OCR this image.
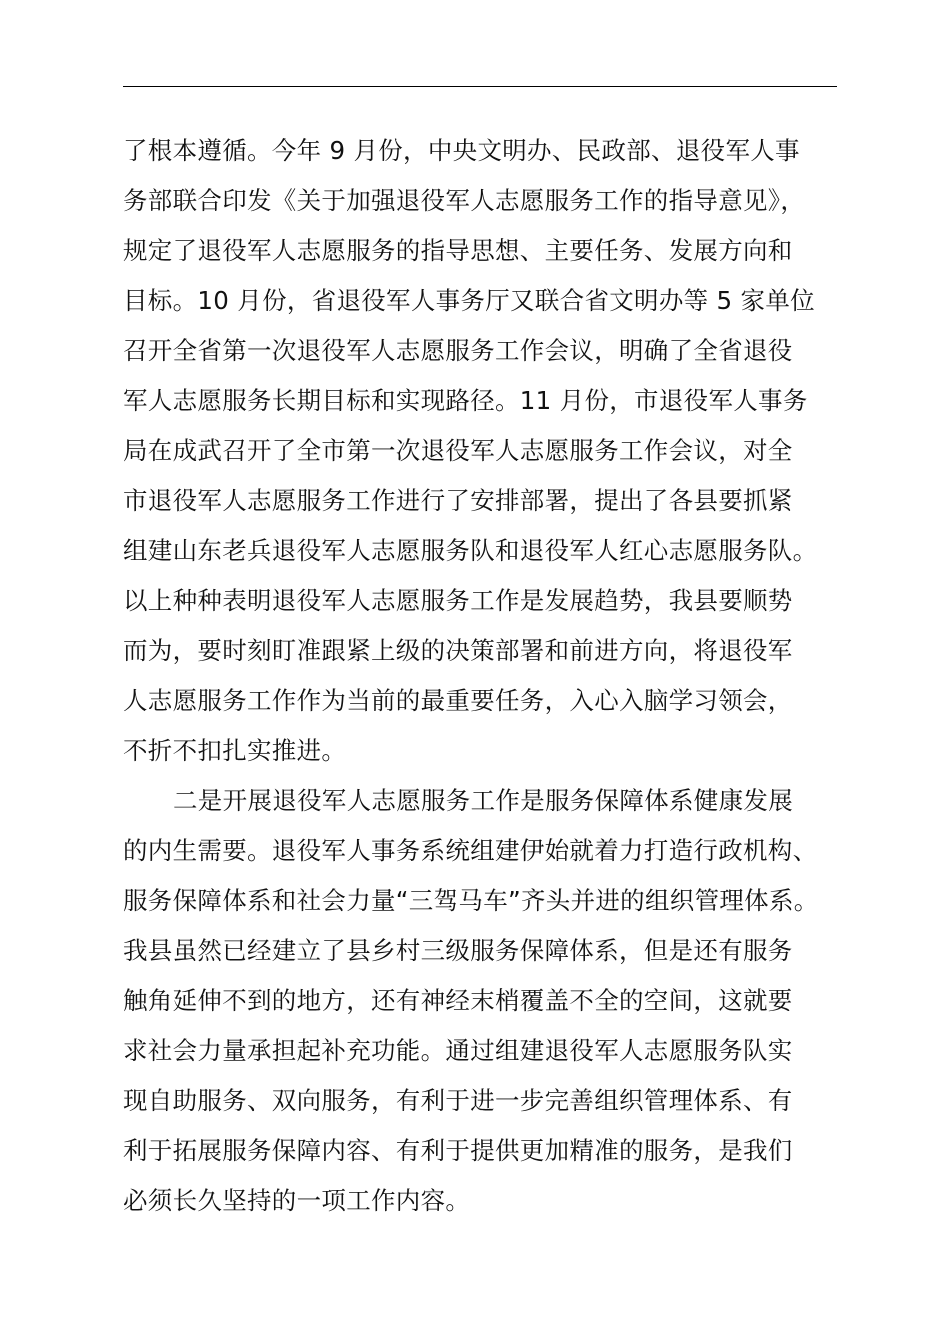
了根本遵循。今年 9 月份，中央文明办、民政部、退役军人事
务部联合印发《关于加强退役军人志愿服务工作的指导意见》，
规定了退役军人志愿服务的指导思想、主要任务、发展方向和
目标。10 月份，省退役军人事务厅又联合省文明办等 5 家单位
召开全省第一次退役军人志愿服务工作会议，明确了全省退役
军人志愿服务长期目标和实现路径。11 月份，市退役军人事务
局在成武召开了全市第一次退役军人志愿服务工作会议，对全
市退役军人志愿服务工作进行了安排部署，提出了各县要抓紧
组建山东老兵退役军人志愿服务队和退役军人红心志愿服务队。
以上种种表明退役军人志愿服务工作是发展趋势，我县要顺势
而为，要时刻盯准跟紧上级的决策部署和前进方向，将退役军
人志愿服务工作作为当前的最重要任务，入心入脑学习领会，
不折不扣扎实推进。
二是开展退役军人志愿服务工作是服务保障体系健康发展
的内生需要。退役军人事务系统组建伊始就着力打造行政机构、
服务保障体系和社会力量“三驾马车”齐头并进的组织管理体系。
我县虽然已经建立了县乡村三级服务保障体系，但是还有服务
触角延伸不到的地方，还有神经末梢覆盖不全的空间，这就要
求社会力量承担起补充功能。通过组建退役军人志愿服务队实
现自助服务、双向服务，有利于进一步完善组织管理体系、有
利于拓展服务保障内容、有利于提供更加精准的服务，是我们
必须长久坚持的一项工作内容。
